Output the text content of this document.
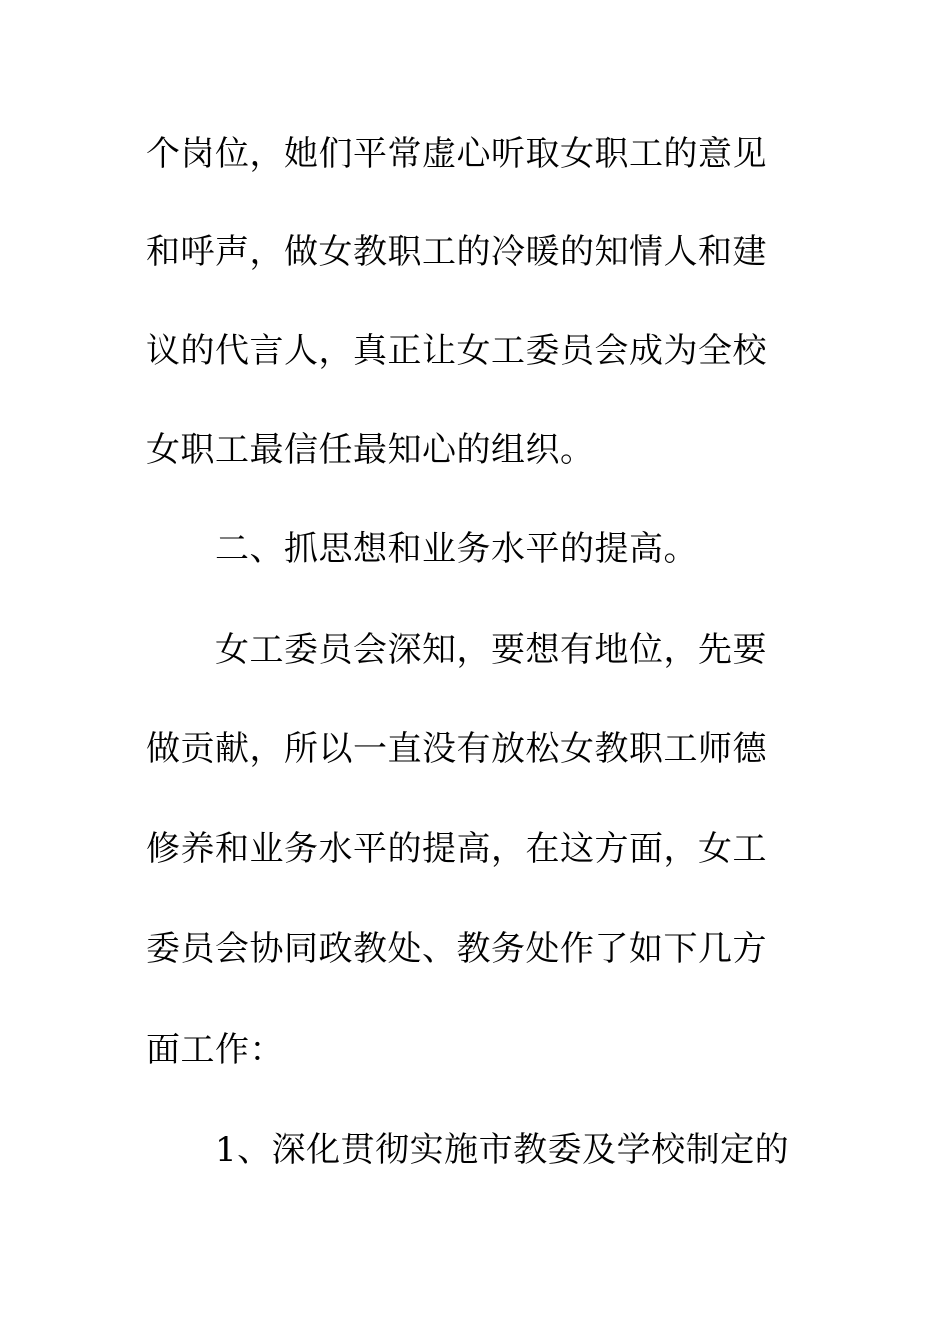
个岗位，她们平常虚心听取女职工的意见
和呼声，做女教职工的冷暖的知情人和建
议的代言人，真正让女工委员会成为全校
女职工最信任最知心的组织。
二、抓思想和业务水平的提高。
女工委员会深知，要想有地位，先要
做贡献，所以一直没有放松女教职工师德
修养和业务水平的提高，在这方面，女工
委员会协同政教处、教务处作了如下几方
面工作：
1、深化贯彻实施市教委及学校制定的
